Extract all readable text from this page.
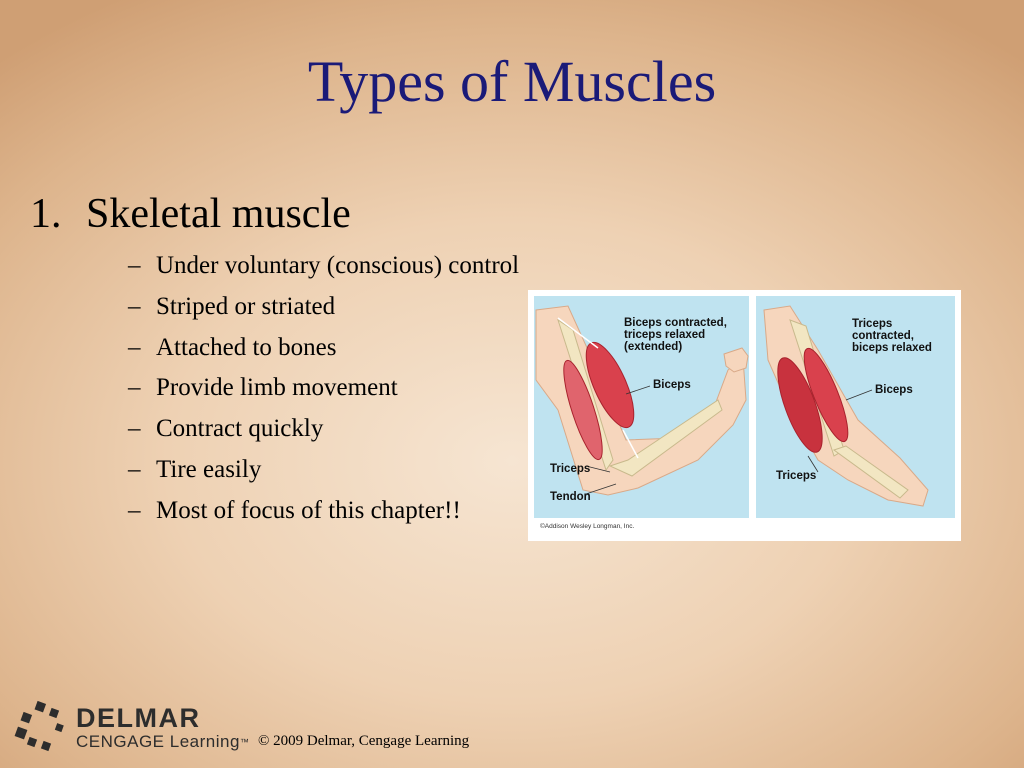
Types of Muscles
1. Skeletal muscle
– Under voluntary (conscious) control
– Striped or striated
– Attached to bones
– Provide limb movement
– Contract quickly
– Tire easily
– Most of focus of this chapter!!
Biceps contracted,
triceps relaxed
(extended)
Biceps
Triceps
Tendon
Triceps
contracted,
biceps relaxed
Biceps
Triceps
©Addison Wesley Longman, Inc.
DELMAR
CENGAGE Learning™ © 2009 Delmar, Cengage Learning
